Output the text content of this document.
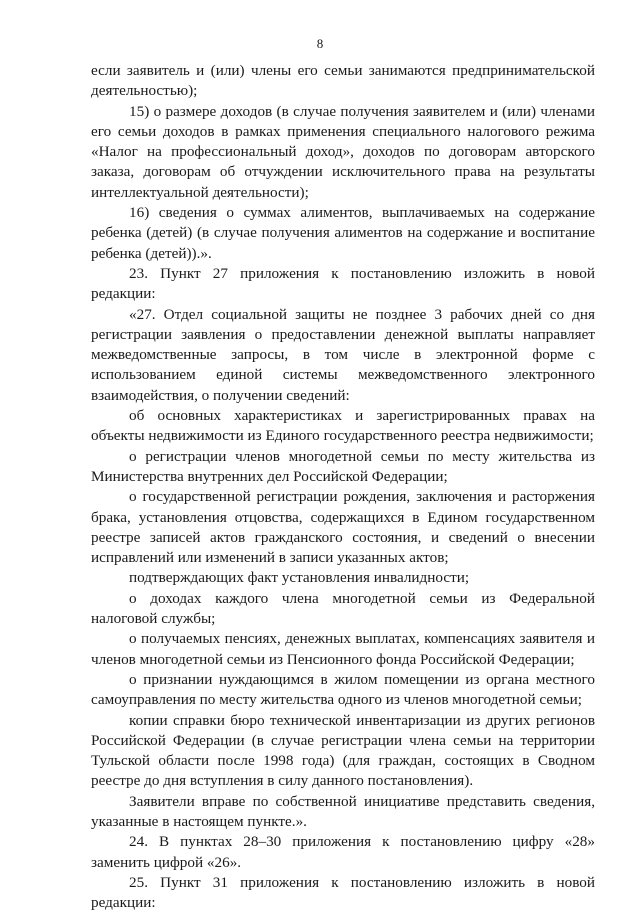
8

если заявитель и (или) члены его семьи занимаются предпринимательской деятельностью);

15) о размере доходов (в случае получения заявителем и (или) членами его семьи доходов в рамках применения специального налогового режима «Налог на профессиональный доход», доходов по договорам авторского заказа, договорам об отчуждении исключительного права на результаты интеллектуальной деятельности);

16) сведения о суммах алиментов, выплачиваемых на содержание ребенка (детей) (в случае получения алиментов на содержание и воспитание ребенка (детей)).».

23. Пункт 27 приложения к постановлению изложить в новой редакции:

«27. Отдел социальной защиты не позднее 3 рабочих дней со дня регистрации заявления о предоставлении денежной выплаты направляет межведомственные запросы, в том числе в электронной форме с использованием единой системы межведомственного электронного взаимодействия, о получении сведений:

об основных характеристиках и зарегистрированных правах на объекты недвижимости из Единого государственного реестра недвижимости;

о регистрации членов многодетной семьи по месту жительства из Министерства внутренних дел Российской Федерации;

о государственной регистрации рождения, заключения и расторжения брака, установления отцовства, содержащихся в Едином государственном реестре записей актов гражданского состояния, и сведений о внесении исправлений или изменений в записи указанных актов;

подтверждающих факт установления инвалидности;

о доходах каждого члена многодетной семьи из Федеральной налоговой службы;

о получаемых пенсиях, денежных выплатах, компенсациях заявителя и членов многодетной семьи из Пенсионного фонда Российской Федерации;

о признании нуждающимся в жилом помещении из органа местного самоуправления по месту жительства одного из членов многодетной семьи;

копии справки бюро технической инвентаризации из других регионов Российской Федерации (в случае регистрации члена семьи на территории Тульской области после 1998 года) (для граждан, состоящих в Сводном реестре до дня вступления в силу данного постановления).

Заявители вправе по собственной инициативе представить сведения, указанные в настоящем пункте.».

24. В пунктах 28–30 приложения к постановлению цифру «28» заменить цифрой «26».

25. Пункт 31 приложения к постановлению изложить в новой редакции:
